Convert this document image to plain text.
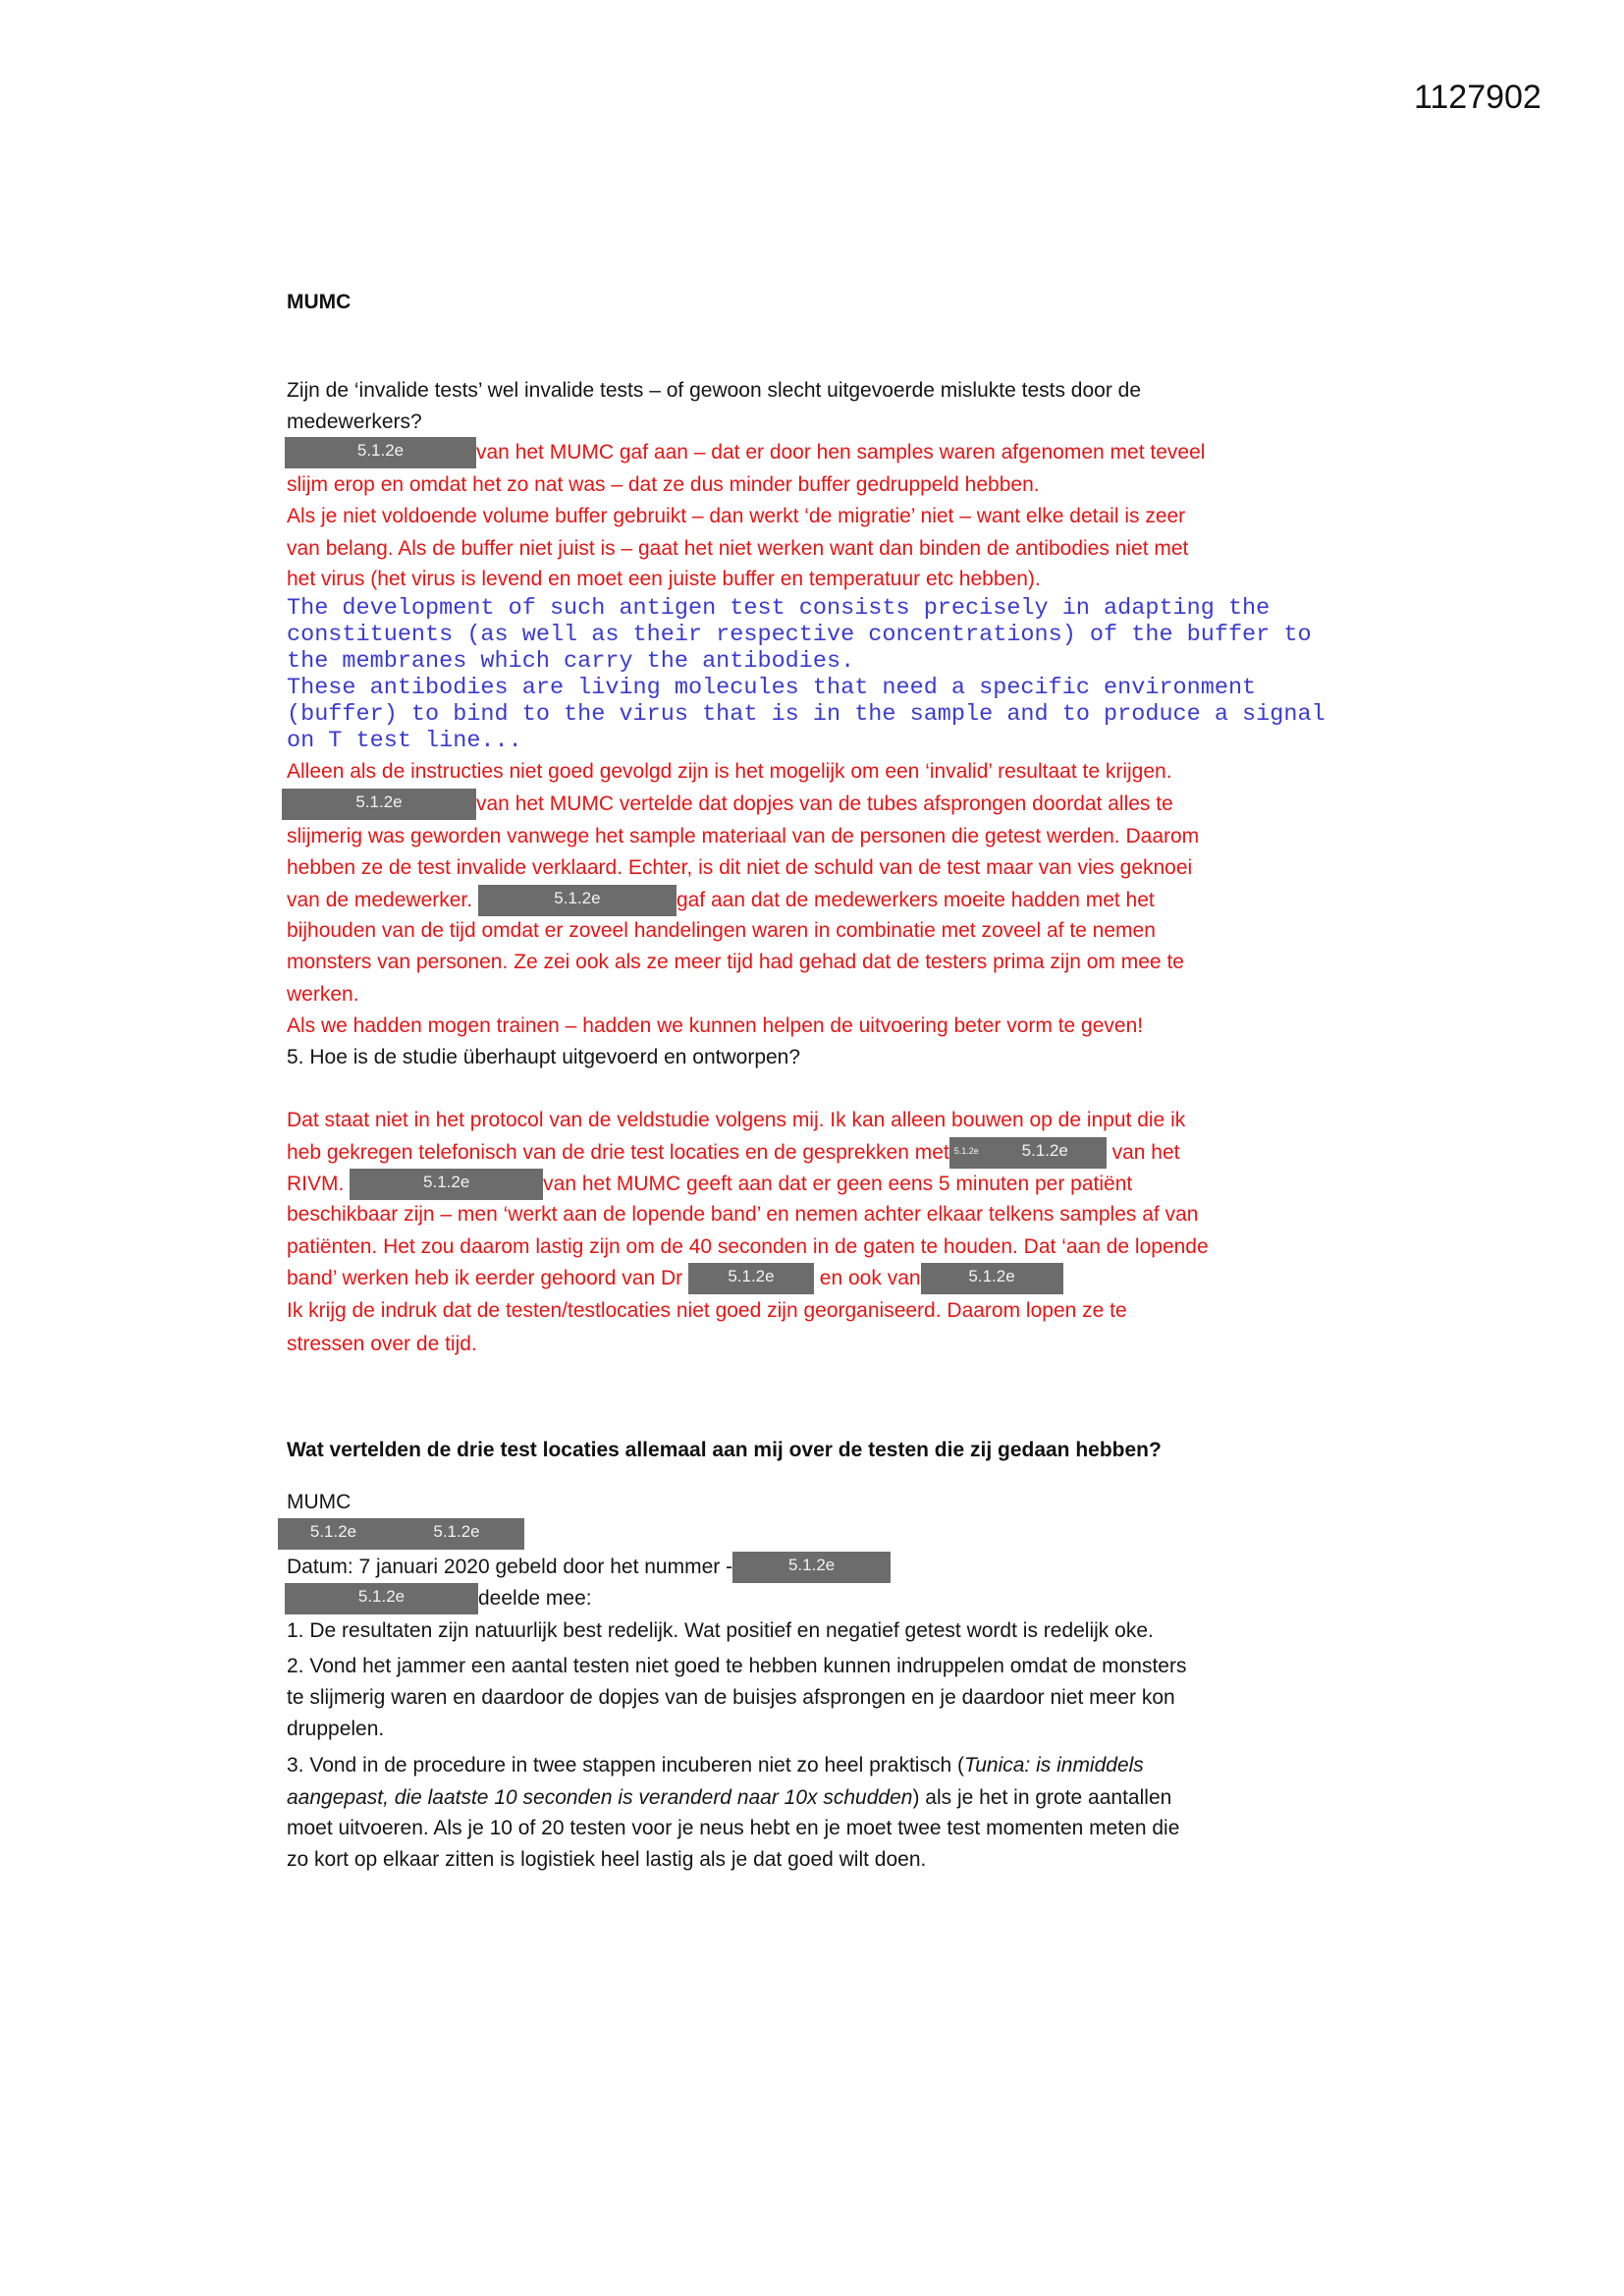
1127902
MUMC
Zijn de ‘invalide tests’ wel invalide tests – of gewoon slecht uitgevoerde mislukte tests door de
medewerkers?
5.1.2e	van het MUMC gaf aan – dat er door hen samples waren afgenomen met teveel
slijm erop en omdat het zo nat was – dat ze dus minder buffer gedruppeld hebben.
Als je niet voldoende volume buffer gebruikt – dan werkt ‘de migratie’ niet – want elke detail is zeer
van belang. Als de buffer niet juist is – gaat het niet werken want dan binden de antibodies niet met
het virus (het virus is levend en moet een juiste buffer en temperatuur etc hebben).
The development of such antigen test consists precisely in adapting the
constituents (as well as their respective concentrations) of the buffer to
the membranes which carry the antibodies.
These antibodies are living molecules that need a specific environment
(buffer) to bind to the virus that is in the sample and to produce a signal
on T test line...
Alleen als de instructies niet goed gevolgd zijn is het mogelijk om een ‘invalid’ resultaat te krijgen.
5.1.2e	van het MUMC vertelde dat dopjes van de tubes afsprongen doordat alles te
slijmerig was geworden vanwege het sample materiaal van de personen die getest werden. Daarom
hebben ze de test invalide verklaard. Echter, is dit niet de schuld van de test maar van vies geknoei
van de medewerker.	5.1.2e	gaf aan dat de medewerkers moeite hadden met het
bijhouden van de tijd omdat er zoveel handelingen waren in combinatie met zoveel af te nemen
monsters van personen. Ze zei ook als ze meer tijd had gehad dat de testers prima zijn om mee te
werken.
Als we hadden mogen trainen – hadden we kunnen helpen de uitvoering beter vorm te geven!
5. Hoe is de studie überhaupt uitgevoerd en ontworpen?
Dat staat niet in het protocol van de veldstudie volgens mij. Ik kan alleen bouwen op de input die ik
heb gekregen telefonisch van de drie test locaties en de gesprekken met 5.1.2e	5.1.2e van het
RIVM.	5.1.2e	van het MUMC geeft aan dat er geen eens 5 minuten per patiënt
beschikbaar zijn – men ‘werkt aan de lopende band’ en nemen achter elkaar telkens samples af van
patiënten. Het zou daarom lastig zijn om de 40 seconden in de gaten te houden. Dat ‘aan de lopende
band’ werken heb ik eerder gehoord van Dr 5.1.2e en ook van	5.1.2e
Ik krijg de indruk dat de testen/testlocaties niet goed zijn georganiseerd. Daarom lopen ze te
stressen over de tijd.
Wat vertelden de drie test locaties allemaal aan mij over de testen die zij gedaan hebben?
MUMC
5.1.2e	5.1.2e
Datum: 7 januari 2020 gebeld door het nummer -	5.1.2e
5.1.2e	deelde mee:
1. De resultaten zijn natuurlijk best redelijk. Wat positief en negatief getest wordt is redelijk oke.
2. Vond het jammer een aantal testen niet goed te hebben kunnen indruppelen omdat de monsters
te slijmerig waren en daardoor de dopjes van de buisjes afsprongen en je daardoor niet meer kon
druppelen.
3. Vond in de procedure in twee stappen incuberen niet zo heel praktisch (Tunica: is inmiddels
aangepast, die laatste 10 seconden is veranderd naar 10x schudden) als je het in grote aantallen
moet uitvoeren. Als je 10 of 20 testen voor je neus hebt en je moet twee test momenten meten die
zo kort op elkaar zitten is logistiek heel lastig als je dat goed wilt doen.
